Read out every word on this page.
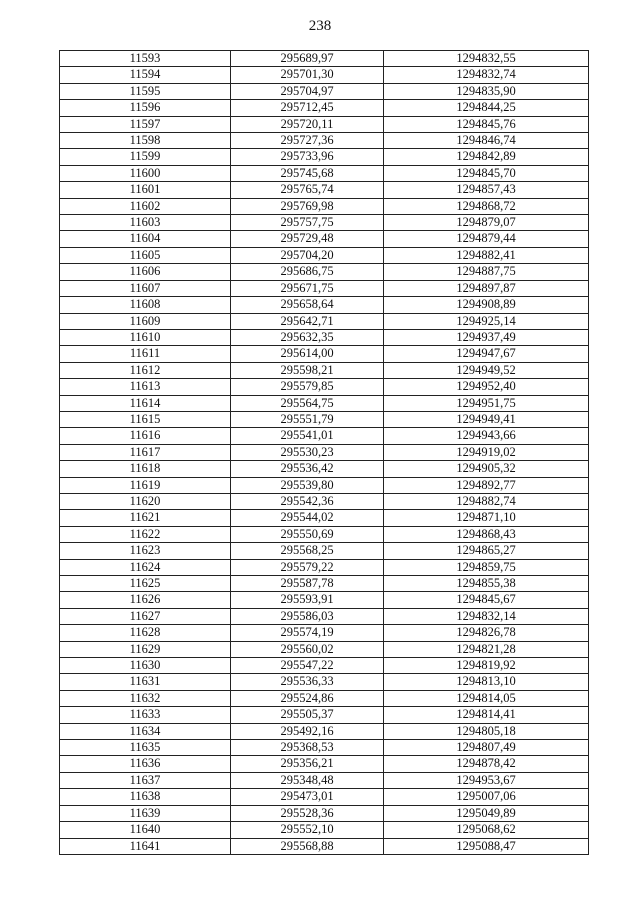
238
11593	295689,97	1294832,55
11594	295701,30	1294832,74
11595	295704,97	1294835,90
11596	295712,45	1294844,25
11597	295720,11	1294845,76
11598	295727,36	1294846,74
11599	295733,96	1294842,89
11600	295745,68	1294845,70
11601	295765,74	1294857,43
11602	295769,98	1294868,72
11603	295757,75	1294879,07
11604	295729,48	1294879,44
11605	295704,20	1294882,41
11606	295686,75	1294887,75
11607	295671,75	1294897,87
11608	295658,64	1294908,89
11609	295642,71	1294925,14
11610	295632,35	1294937,49
11611	295614,00	1294947,67
11612	295598,21	1294949,52
11613	295579,85	1294952,40
11614	295564,75	1294951,75
11615	295551,79	1294949,41
11616	295541,01	1294943,66
11617	295530,23	1294919,02
11618	295536,42	1294905,32
11619	295539,80	1294892,77
11620	295542,36	1294882,74
11621	295544,02	1294871,10
11622	295550,69	1294868,43
11623	295568,25	1294865,27
11624	295579,22	1294859,75
11625	295587,78	1294855,38
11626	295593,91	1294845,67
11627	295586,03	1294832,14
11628	295574,19	1294826,78
11629	295560,02	1294821,28
11630	295547,22	1294819,92
11631	295536,33	1294813,10
11632	295524,86	1294814,05
11633	295505,37	1294814,41
11634	295492,16	1294805,18
11635	295368,53	1294807,49
11636	295356,21	1294878,42
11637	295348,48	1294953,67
11638	295473,01	1295007,06
11639	295528,36	1295049,89
11640	295552,10	1295068,62
11641	295568,88	1295088,47
